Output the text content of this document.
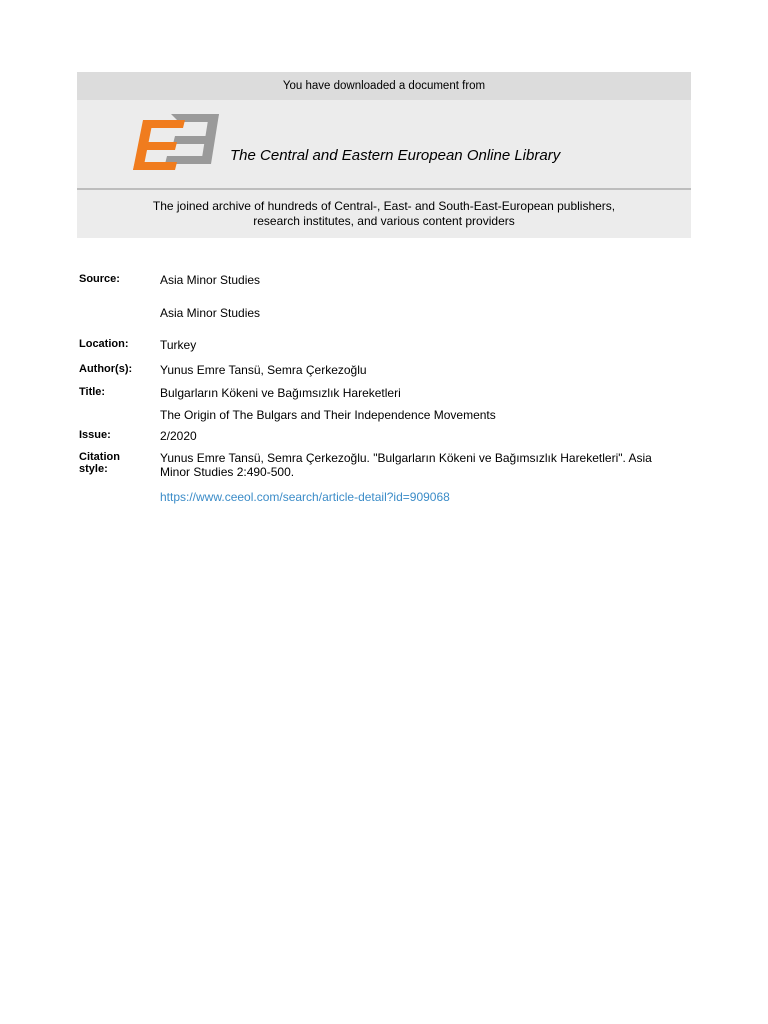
You have downloaded a document from
The Central and Eastern European Online Library
The joined archive of hundreds of Central-, East- and South-East-European publishers,
research institutes, and various content providers
Source:	Asia Minor Studies
Asia Minor Studies
Location:	Turkey
Author(s):	Yunus Emre Tansü, Semra Çerkezoğlu
Title:	Bulgarların Kökeni ve Bağımsızlık Hareketleri
The Origin of The Bulgars and Their Independence Movements
Issue:	2/2020
Citation
style:
Yunus Emre Tansü, Semra Çerkezoğlu. "Bulgarların Kökeni ve Bağımsızlık Hareketleri". Asia
Minor Studies 2:490-500.
https://www.ceeol.com/search/article-detail?id=909068
